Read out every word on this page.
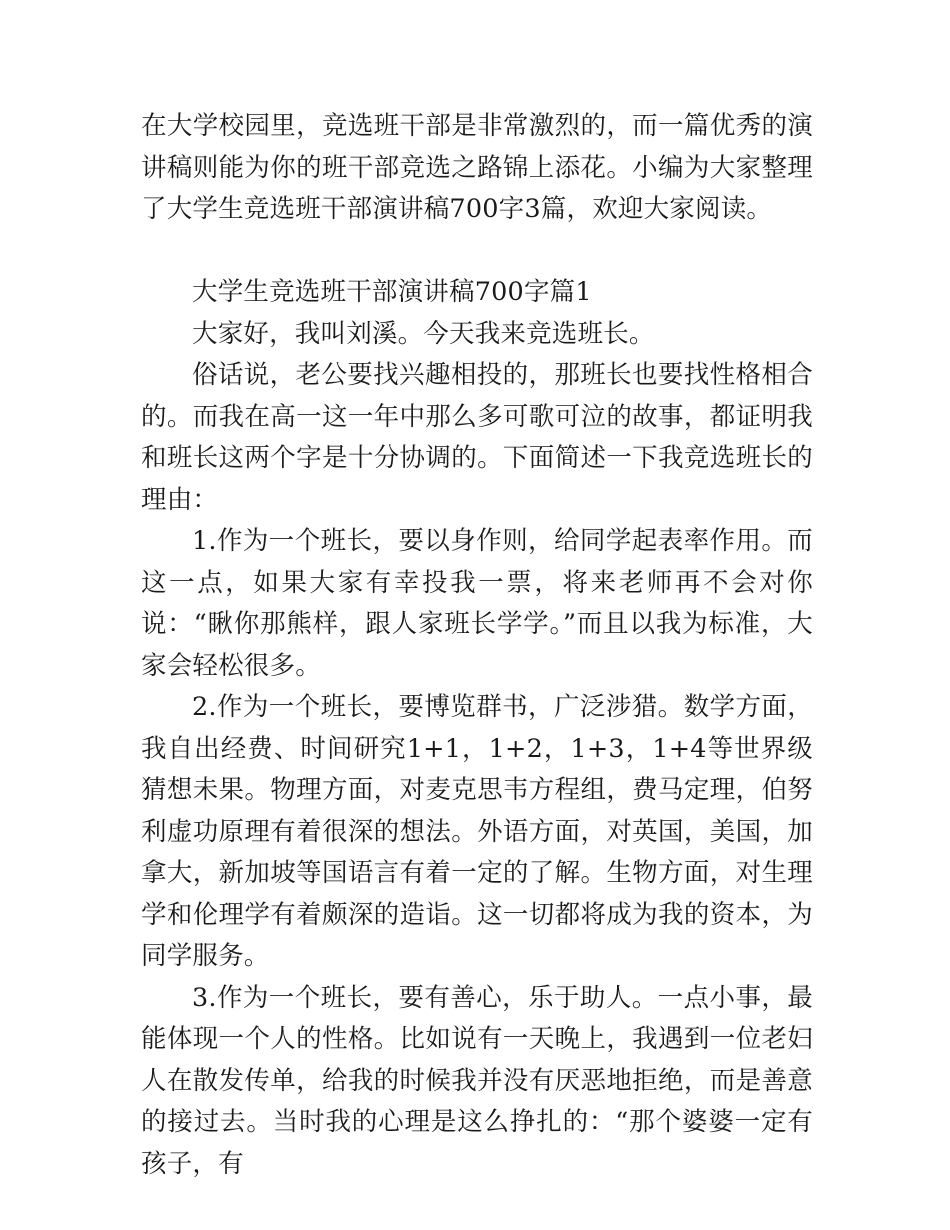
在大学校园里，竞选班干部是非常激烈的，而一篇优秀的演讲稿则能为你的班干部竞选之路锦上添花。小编为大家整理了大学生竞选班干部演讲稿700字3篇，欢迎大家阅读。

大学生竞选班干部演讲稿700字篇1

大家好，我叫刘溪。今天我来竞选班长。

俗话说，老公要找兴趣相投的，那班长也要找性格相合的。而我在高一这一年中那么多可歌可泣的故事，都证明我和班长这两个字是十分协调的。下面简述一下我竞选班长的理由：

1.作为一个班长，要以身作则，给同学起表率作用。而这一点，如果大家有幸投我一票，将来老师再不会对你说：“瞅你那熊样，跟人家班长学学。”而且以我为标准，大家会轻松很多。

2.作为一个班长，要博览群书，广泛涉猎。数学方面，我自出经费、时间研究1+1，1+2，1+3，1+4等世界级猜想未果。物理方面，对麦克思韦方程组，费马定理，伯努利虚功原理有着很深的想法。外语方面，对英国，美国，加拿大，新加坡等国语言有着一定的了解。生物方面，对生理学和伦理学有着颇深的造诣。这一切都将成为我的资本，为同学服务。

3.作为一个班长，要有善心，乐于助人。一点小事，最能体现一个人的性格。比如说有一天晚上，我遇到一位老妇人在散发传单，给我的时候我并没有厌恶地拒绝，而是善意的接过去。当时我的心理是这么挣扎的：“那个婆婆一定有孩子，有
